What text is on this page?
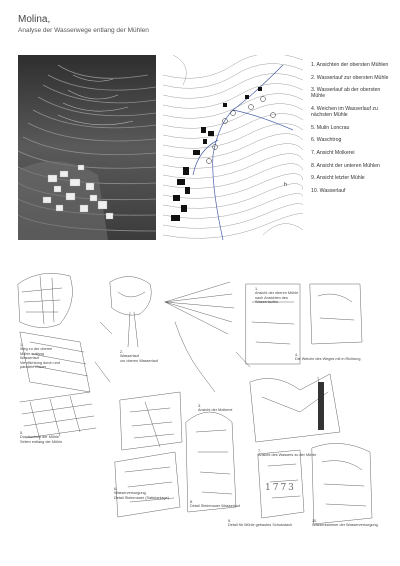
Molina,
Analyse der Wasserwege entlang der Mühlen
h
1. Ansichten der obersten Mühlen
2. Wasserlauf zur obersten Mühle
3. Wasserlauf ab der obersten Mühle
4. Weichen im Wasserlauf zu nächsten Mühle
5. Mulin Loncrau
6. Waschtrog
7. Ansicht Molkerei
8. Ansicht der unteren Mühlen
9. Ansicht letzter Mühle
10. Wasserlauf
1773
1.
Ansicht der oberen Mühle
nach Ansichten des Wasserlaufes
1.
Weg zu der oberen
Mühle entlang
Wasserlauf
Verpflichtung durch und
parallele Mauer
2.
Wasserlauf
zur oberen Wasserlauf
3.
Ansicht der Molkerei
4.
Die Weiche des Weges mit in Richtung
5.
Durchschnitt der Mühle
Seiten entlang der Mühle
6.
Wasserversorgung
Detail Steinmauer (Sattelanlage)
7.
Ansicht des Wassers zu der Mühle
8.
Detail Steinmauer Wasserlauf
9.
Detail für Mühle gebautes Schutzdach
10.
Wasserkammer der Wasserversorgung
